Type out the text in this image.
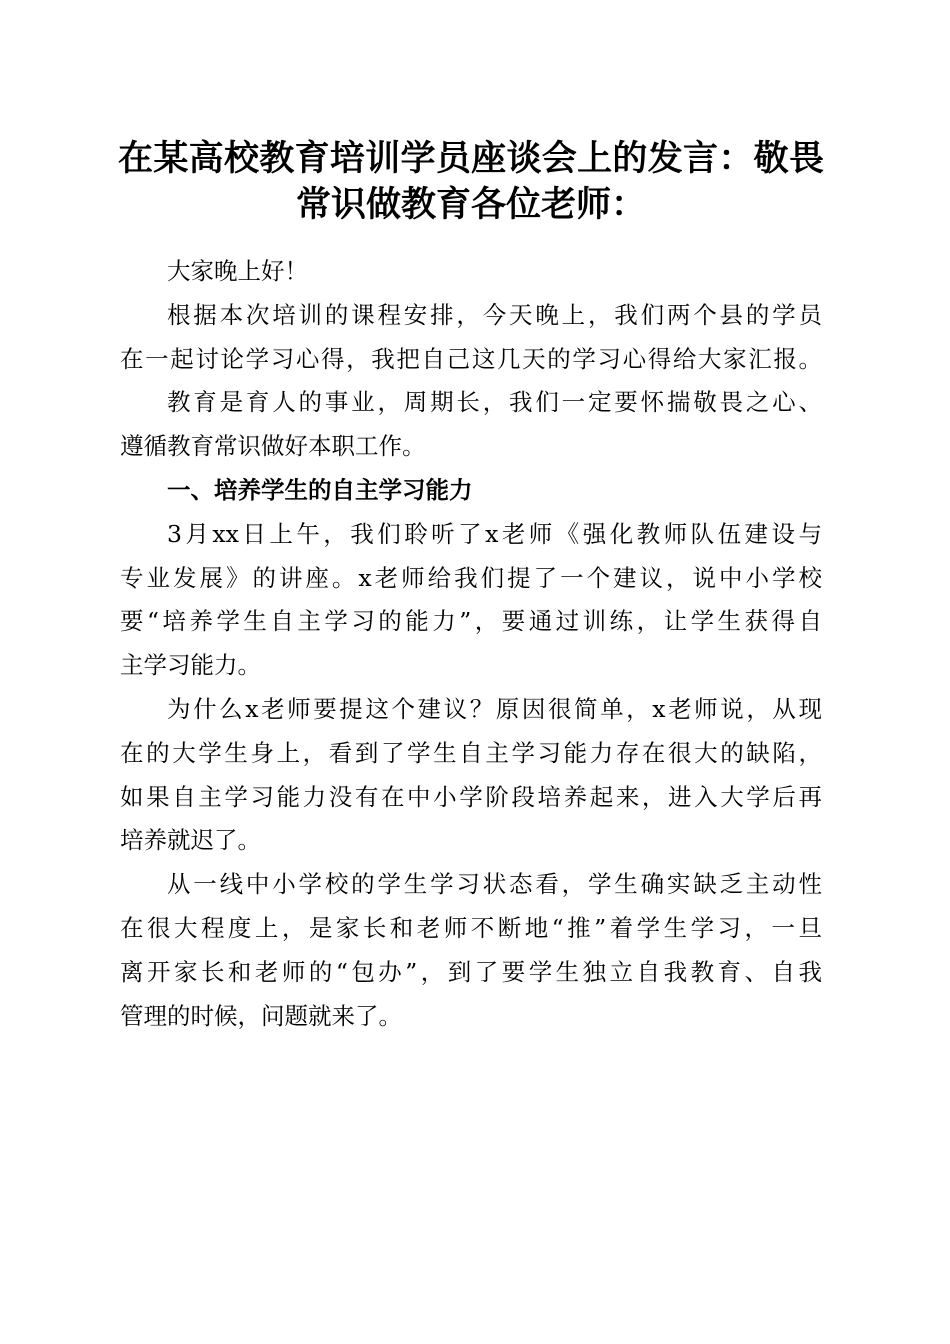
在某高校教育培训学员座谈会上的发言：敬畏
常识做教育各位老师：
大家晚上好！
根据本次培训的课程安排，今天晚上，我们两个县的学员
在一起讨论学习心得，我把自己这几天的学习心得给大家汇报。
教育是育人的事业，周期长，我们一定要怀揣敬畏之心、
遵循教育常识做好本职工作。
一、培养学生的自主学习能力
3月xx日上午，我们聆听了x老师《强化教师队伍建设与
专业发展》的讲座。x老师给我们提了一个建议，说中小学校
要“培养学生自主学习的能力”，要通过训练，让学生获得自
主学习能力。
为什么x老师要提这个建议？原因很简单，x老师说，从现
在的大学生身上，看到了学生自主学习能力存在很大的缺陷，
如果自主学习能力没有在中小学阶段培养起来，进入大学后再
培养就迟了。
从一线中小学校的学生学习状态看，学生确实缺乏主动性
在很大程度上，是家长和老师不断地“推”着学生学习，一旦
离开家长和老师的“包办”，到了要学生独立自我教育、自我
管理的时候，问题就来了。
